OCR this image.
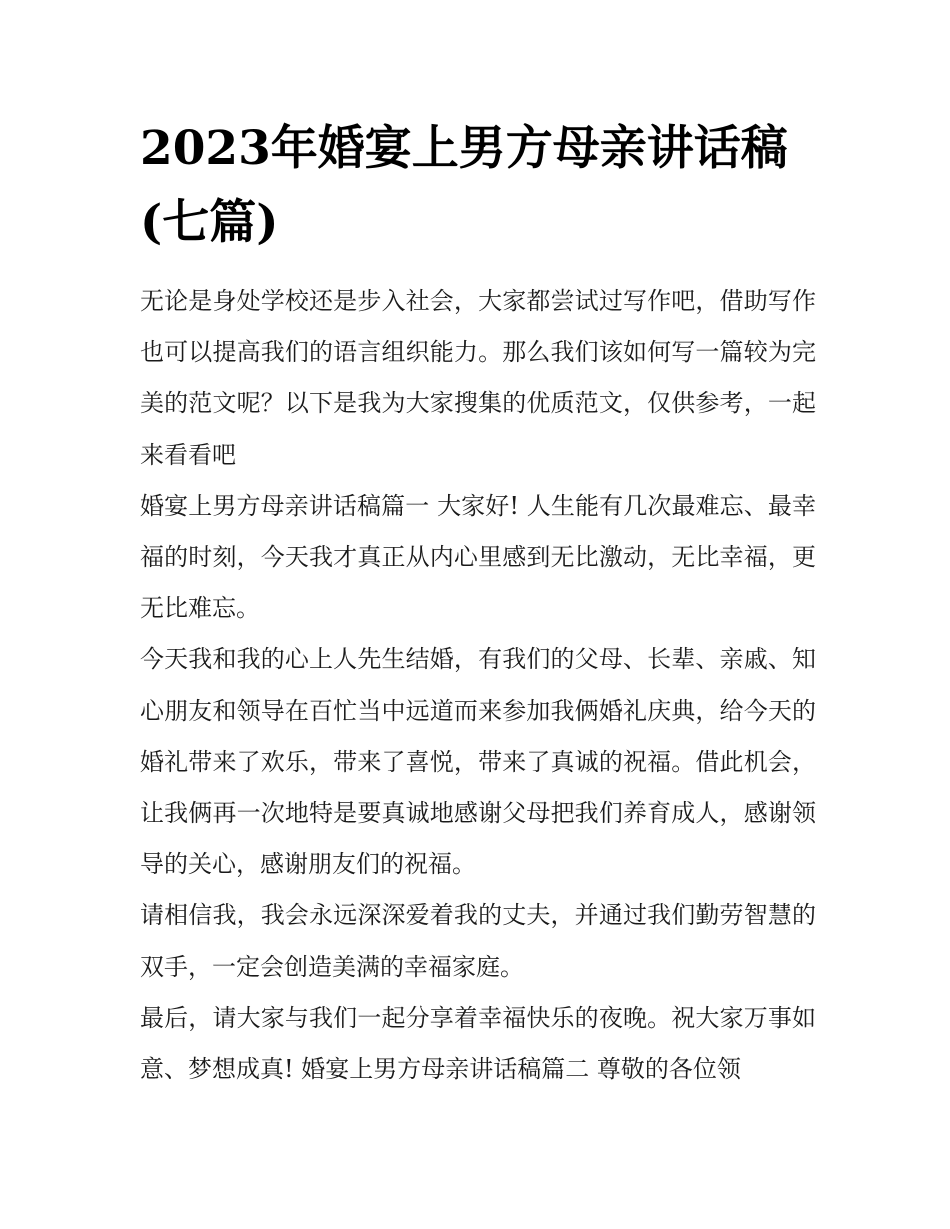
2023年婚宴上男方母亲讲话稿(七篇)

无论是身处学校还是步入社会，大家都尝试过写作吧，借助写作也可以提高我们的语言组织能力。那么我们该如何写一篇较为完美的范文呢？以下是我为大家搜集的优质范文，仅供参考，一起来看看吧

婚宴上男方母亲讲话稿篇一 大家好! 人生能有几次最难忘、最幸福的时刻，今天我才真正从内心里感到无比激动，无比幸福，更无比难忘。

今天我和我的心上人先生结婚，有我们的父母、长辈、亲戚、知心朋友和领导在百忙当中远道而来参加我俩婚礼庆典，给今天的婚礼带来了欢乐，带来了喜悦，带来了真诚的祝福。借此机会，让我俩再一次地特是要真诚地感谢父母把我们养育成人，感谢领导的关心，感谢朋友们的祝福。

请相信我，我会永远深深爱着我的丈夫，并通过我们勤劳智慧的双手，一定会创造美满的幸福家庭。

最后，请大家与我们一起分享着幸福快乐的夜晚。祝大家万事如意、梦想成真! 婚宴上男方母亲讲话稿篇二 尊敬的各位领
